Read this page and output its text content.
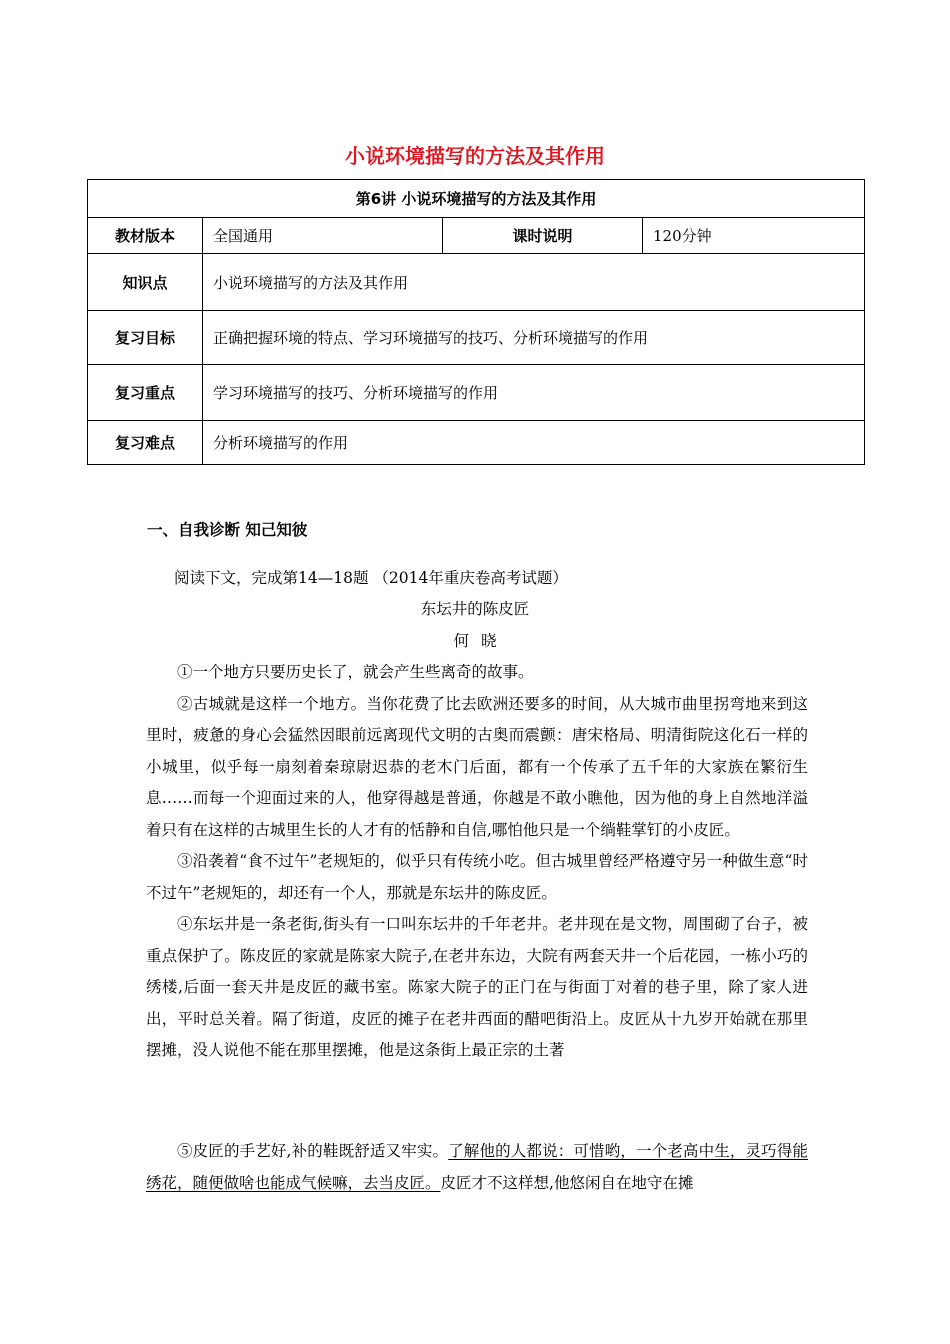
小说环境描写的方法及其作用
第6讲 小说环境描写的方法及其作用			
教材版本	全国通用	课时说明	120分钟
知识点	小说环境描写的方法及其作用		
复习目标	正确把握环境的特点、学习环境描写的技巧、分析环境描写的作用		
复习重点	学习环境描写的技巧、分析环境描写的作用		
复习难点	分析环境描写的作用		
一、自我诊断 知己知彼
阅读下文，完成第14—18题 （2014年重庆卷高考试题）
东坛井的陈皮匠
何晓

①一个地方只要历史长了，就会产生些离奇的故事。

②古城就是这样一个地方。当你花费了比去欧洲还要多的时间，从大城市曲里拐弯地来到这里时，疲惫的身心会猛然因眼前远离现代文明的古奥而震颤：唐宋格局、明清街院这化石一样的小城里，似乎每一扇刻着秦琼尉迟恭的老木门后面，都有一个传承了五千年的大家族在繁衍生息……而每一个迎面过来的人，他穿得越是普通，你越是不敢小瞧他，因为他的身上自然地洋溢着只有在这样的古城里生长的人才有的恬静和自信,哪怕他只是一个绱鞋掌钉的小皮匠。

③沿袭着“食不过午”老规矩的，似乎只有传统小吃。但古城里曾经严格遵守另一种做生意“时不过午”老规矩的，却还有一个人，那就是东坛井的陈皮匠。

④东坛井是一条老街,街头有一口叫东坛井的千年老井。老井现在是文物，周围砌了台子，被重点保护了。陈皮匠的家就是陈家大院子,在老井东边，大院有两套天井一个后花园，一栋小巧的绣楼,后面一套天井是皮匠的藏书室。陈家大院子的正门在与街面丁对着的巷子里，除了家人进出，平时总关着。隔了街道，皮匠的摊子在老井西面的醋吧街沿上。皮匠从十九岁开始就在那里摆摊，没人说他不能在那里摆摊，他是这条街上最正宗的土著

⑤皮匠的手艺好,补的鞋既舒适又牢实。了解他的人都说：可惜哟，一个老高中生，灵巧得能绣花，随便做啥也能成气候嘛，去当皮匠。皮匠才不这样想,他悠闲自在地守在摊
